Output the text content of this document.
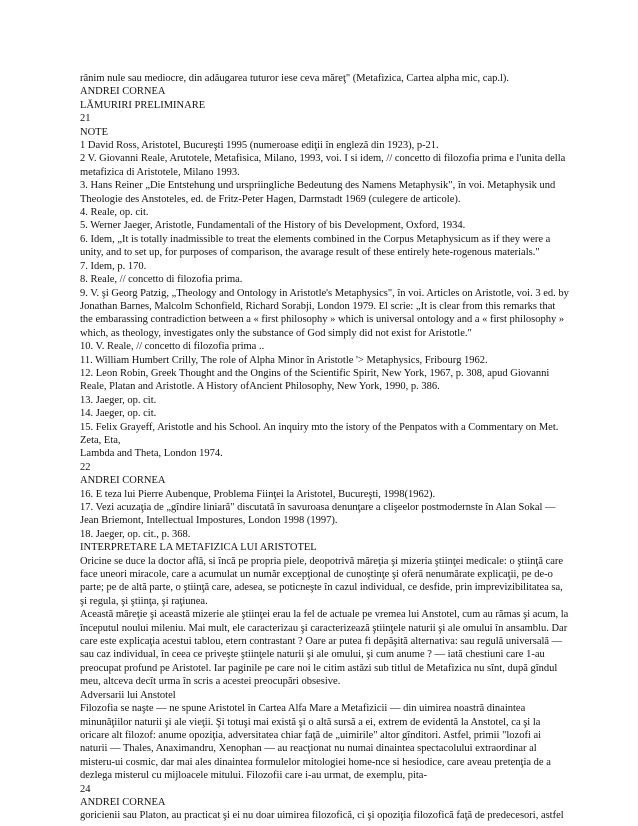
rânim nule sau mediocre, din adăugarea tuturor iese ceva măreţ" (Metafizica, Cartea alpha mic, cap.l).

ANDREI CORNEA

LĂMURIRI PRELIMINARE

21

NOTE

1 David Ross, Aristotel, Bucureşti 1995 (numeroase ediţii în engleză din 1923), p-21.

2 V. Giovanni Reale, Arutotele, Metafisica, Milano, 1993, voi. I si idem, // concetto di filozofia prima e l'unita della metafizica di Aristotele, Milano 1993.

3. Hans Reiner „Die Entstehung und urspriingliche Bedeutung des Namens Metaphysik", în voi. Metaphysik und Theologie des Anstoteles, ed. de Fritz-Peter Hagen, Darmstadt 1969 (culegere de articole).

4. Reale, op. cit.

5. Werner Jaeger, Aristotle, Fundamentali of the History of bis Development, Oxford, 1934.

6. Idem, „It is totally inadmissible to treat the elements combined in the Corpus Metaphysicum as if they were a unity, and to set up, for purposes of comparison, the avarage result of these entirely hete-rogenous materials."

7. Idem, p. 170.

8. Reale, // concetto di filozofia prima.

9. V. şi Georg Patzig, „Theology and Ontology in Aristotle's Metaphysics", în voi. Articles on Aristotle, voi. 3 ed. by Jonathan Barnes, Malcolm Schonfield, Richard Sorabji, London 1979. El scrie: „It is clear from this remarks that the embarassing contradiction between a « first philosophy » which is universal ontology and a « first philosophy » which, as theology, investigates only the substance of God simply did not exist for Aristotle."

10. V. Reale, // concetto di filozofia prima ..

11. William Humbert Crilly, The role of Alpha Minor în Aristotle '> Metaphysics, Fribourg 1962.

12. Leon Robin, Greek Thought and the Ongins of the Scientific Spirit, New York, 1967, p. 308, apud Giovanni Reale, Platan and Aristotle. A History ofAncient Philosophy, New York, 1990, p. 386.

13. Jaeger, op. cit.

14. Jaeger, op. cit.

15. Felix Grayeff, Aristotle and his School. An inquiry mto the istory of the Penpatos with a Commentary on Met. Zeta, Eta,

Lambda and Theta, London 1974.

22

ANDREI CORNEA

16. E teza lui Pierre Aubenque, Problema Fiinţei la Aristotel, Bucureşti, 1998(1962).

17. Vezi acuzaţia de „gîndire liniară" discutată în savuroasa denunţare a clişeelor postmodernste în Alan Sokal — Jean Briemont, Intellectual Impostures, London 1998 (1997).

18. Jaeger, op. cit., p. 368.

INTERPRETARE LA METAFIZICA LUI ARISTOTEL

Oricine se duce la doctor află, si încă pe propria piele, deopotrivă măreţia şi mizeria ştiinţei medicale: o ştiinţă care face uneori miracole, care a acumulat un număr excepţional de cunoştinţe şi oferă nenumărate explicaţii, pe de-o parte; pe de altă parte, o ştiinţă care, adesea, se poticneşte în cazul individual, ce desfide, prin imprevizibilitatea sa, şi regula, şi ştiinţa, şi raţiunea.

Această măreţie şi această mizerie ale ştiinţei erau la fel de actuale pe vremea lui Anstotel, cum au rămas şi acum, la începutul noului mileniu. Mai mult, ele caracterizau şi caracterizează ştiinţele naturii şi ale omului în ansamblu. Dar care este explicaţia acestui tablou, etern contrastant ? Oare ar putea fi depăşită alternativa: sau regulă universală — sau caz individual, în ceea ce priveşte ştiinţele naturii şi ale omului, şi cum anume ? — iată chestiuni care 1-au preocupat profund pe Aristotel. Iar paginile pe care noi le citim astăzi sub titlul de Metafizica nu sînt, după gîndul meu, altceva decît urma în scris a acestei preocupări obsesive.

Adversarii lui Anstotel

Filozofia se naşte — ne spune Aristotel în Cartea Alfa Mare a Metafizicii — din uimirea noastră dinaintea minunăţiilor naturii şi ale vieţii. Şi totuşi mai există şi o altă sursă a ei, extrem de evidentă la Anstotel, ca şi la oricare alt filozof: anume opoziţia, adversitatea chiar faţă de „uimirile" altor gînditori. Astfel, primii "lozofi ai naturii — Thales, Anaximandru, Xenophan — au reacţionat nu numai dinaintea spectacolului extraordinar al misteru-ui cosmic, dar mai ales dinaintea formulelor mitologiei home-nce si hesiodice, care aveau pretenţia de a dezlega misterul cu mijloacele mitului. Filozofii care i-au urmat, de exemplu, pita-

24

ANDREI CORNEA

goricienii sau Platon, au practicat şi ei nu doar uimirea filozofică, ci şi opoziţia filozofică faţă de predecesori, astfel
